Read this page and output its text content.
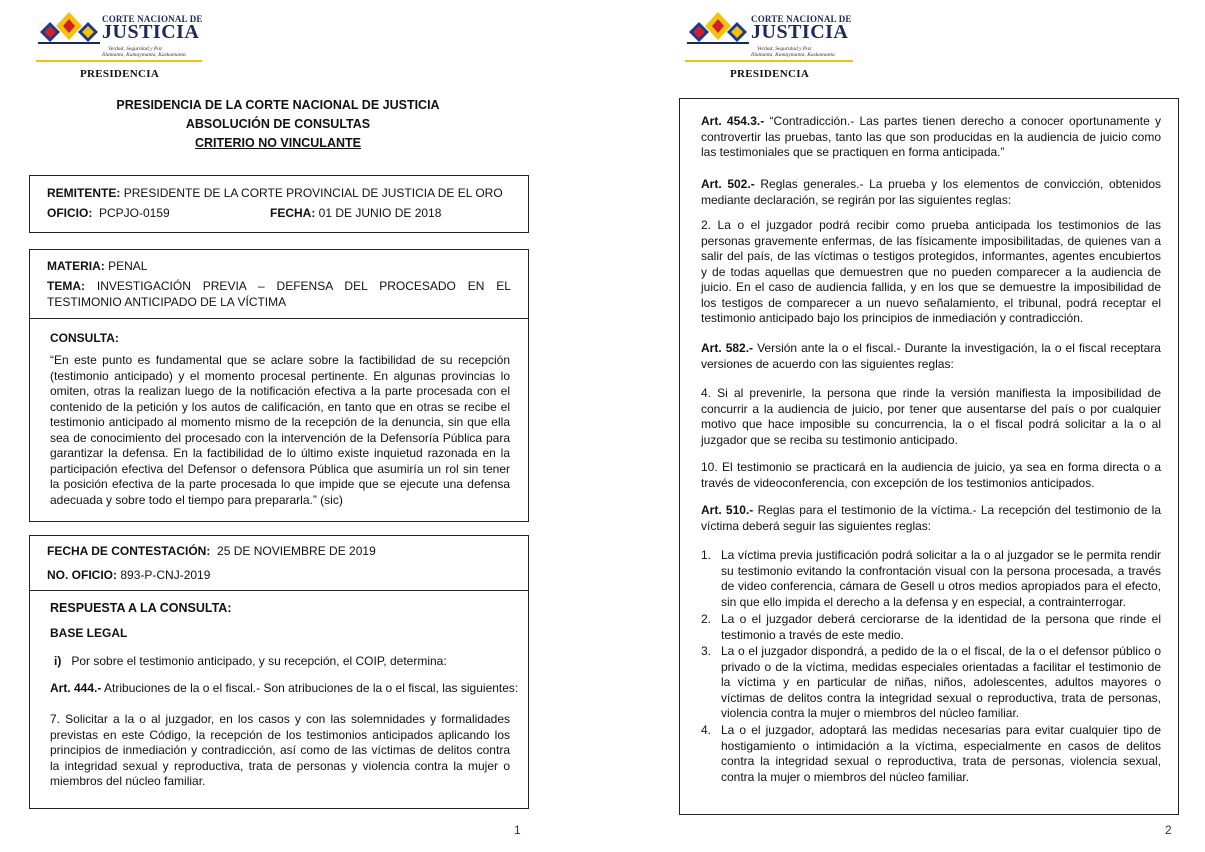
CORTE NACIONAL DE
JUSTICIA
Verdad, Seguridad y Paz
Illamanta, Kamaymanta, Kaskamanta
PRESIDENCIA
PRESIDENCIA DE LA CORTE NACIONAL DE JUSTICIA
ABSOLUCIÓN DE CONSULTAS
CRITERIO NO VINCULANTE
REMITENTE: PRESIDENTE DE LA CORTE PROVINCIAL DE JUSTICIA DE EL ORO
OFICIO: PCPJO-0159	FECHA: 01 DE JUNIO DE 2018
MATERIA: PENAL
TEMA: INVESTIGACIÓN PREVIA – DEFENSA DEL PROCESADO EN EL
TESTIMONIO ANTICIPADO DE LA VÍCTIMA
CONSULTA:
“En este punto es fundamental que se aclare sobre la factibilidad de su recepción (testimonio anticipado) y el momento procesal pertinente. En algunas provincias lo omiten, otras la realizan luego de la notificación efectiva a la parte procesada con el contenido de la petición y los autos de calificación, en tanto que en otras se recibe el testimonio anticipado al momento mismo de la recepción de la denuncia, sin que ella sea de conocimiento del procesado con la intervención de la Defensoría Pública para garantizar la defensa. En la factibilidad de lo último existe inquietud razonada en la participación efectiva del Defensor o defensora Pública que asumiría un rol sin tener la posición efectiva de la parte procesada lo que impide que se ejecute una defensa adecuada y sobre todo el tiempo para prepararla.” (sic)
FECHA DE CONTESTACIÓN: 25 DE NOVIEMBRE DE 2019
NO. OFICIO: 893-P-CNJ-2019
RESPUESTA A LA CONSULTA:
BASE LEGAL
i) Por sobre el testimonio anticipado, y su recepción, el COIP, determina:
Art. 444.- Atribuciones de la o el fiscal.- Son atribuciones de la o el fiscal, las siguientes:
7. Solicitar a la o al juzgador, en los casos y con las solemnidades y formalidades previstas en este Código, la recepción de los testimonios anticipados aplicando los principios de inmediación y contradicción, así como de las víctimas de delitos contra la integridad sexual y reproductiva, trata de personas y violencia contra la mujer o miembros del núcleo familiar.
1
CORTE NACIONAL DE
JUSTICIA
Verdad, Seguridad y Paz
Illamanta, Kamaymanta, Kaskamanta
PRESIDENCIA
Art. 454.3.- “Contradicción.- Las partes tienen derecho a conocer oportunamente y controvertir las pruebas, tanto las que son producidas en la audiencia de juicio como las testimoniales que se practiquen en forma anticipada.”
Art. 502.- Reglas generales.- La prueba y los elementos de convicción, obtenidos mediante declaración, se regirán por las siguientes reglas:
2. La o el juzgador podrá recibir como prueba anticipada los testimonios de las personas gravemente enfermas, de las físicamente imposibilitadas, de quienes van a salir del país, de las víctimas o testigos protegidos, informantes, agentes encubiertos y de todas aquellas que demuestren que no pueden comparecer a la audiencia de juicio. En el caso de audiencia fallida, y en los que se demuestre la imposibilidad de los testigos de comparecer a un nuevo señalamiento, el tribunal, podrá receptar el testimonio anticipado bajo los principios de inmediación y contradicción.
Art. 582.- Versión ante la o el fiscal.- Durante la investigación, la o el fiscal receptara versiones de acuerdo con las siguientes reglas:
4. Si al prevenirle, la persona que rinde la versión manifiesta la imposibilidad de concurrir a la audiencia de juicio, por tener que ausentarse del país o por cualquier motivo que hace imposible su concurrencia, la o el fiscal podrá solicitar a la o al juzgador que se reciba su testimonio anticipado.
10. El testimonio se practicará en la audiencia de juicio, ya sea en forma directa o a través de videoconferencia, con excepción de los testimonios anticipados.
Art. 510.- Reglas para el testimonio de la víctima.- La recepción del testimonio de la víctima deberá seguir las siguientes reglas:
1. La víctima previa justificación podrá solicitar a la o al juzgador se le permita rendir su testimonio evitando la confrontación visual con la persona procesada, a través de video conferencia, cámara de Gesell u otros medios apropiados para el efecto, sin que ello impida el derecho a la defensa y en especial, a contrainterrogar.
2. La o el juzgador deberá cerciorarse de la identidad de la persona que rinde el testimonio a través de este medio.
3. La o el juzgador dispondrá, a pedido de la o el fiscal, de la o el defensor público o privado o de la víctima, medidas especiales orientadas a facilitar el testimonio de la víctima y en particular de niñas, niños, adolescentes, adultos mayores o víctimas de delitos contra la integridad sexual o reproductiva, trata de personas, violencia contra la mujer o miembros del núcleo familiar.
4. La o el juzgador, adoptará las medidas necesarias para evitar cualquier tipo de hostigamiento o intimidación a la víctima, especialmente en casos de delitos contra la integridad sexual o reproductiva, trata de personas, violencia sexual, contra la mujer o miembros del núcleo familiar.
2
